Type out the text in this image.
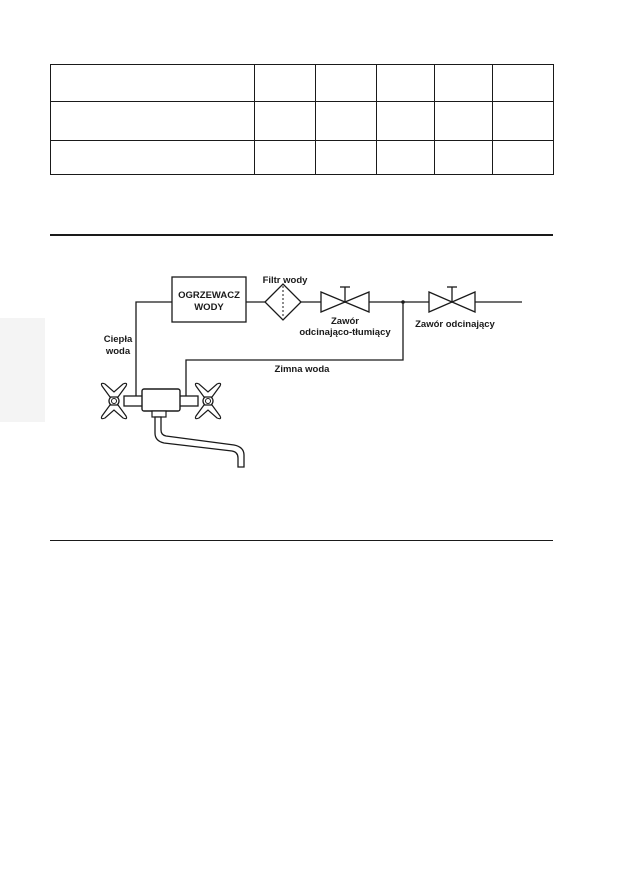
OGRZEWACZ
WODY
Filtr wody
Zawór
odcinająco-tłumiący
Zawór odcinający
Ciepła
woda
Zimna woda
